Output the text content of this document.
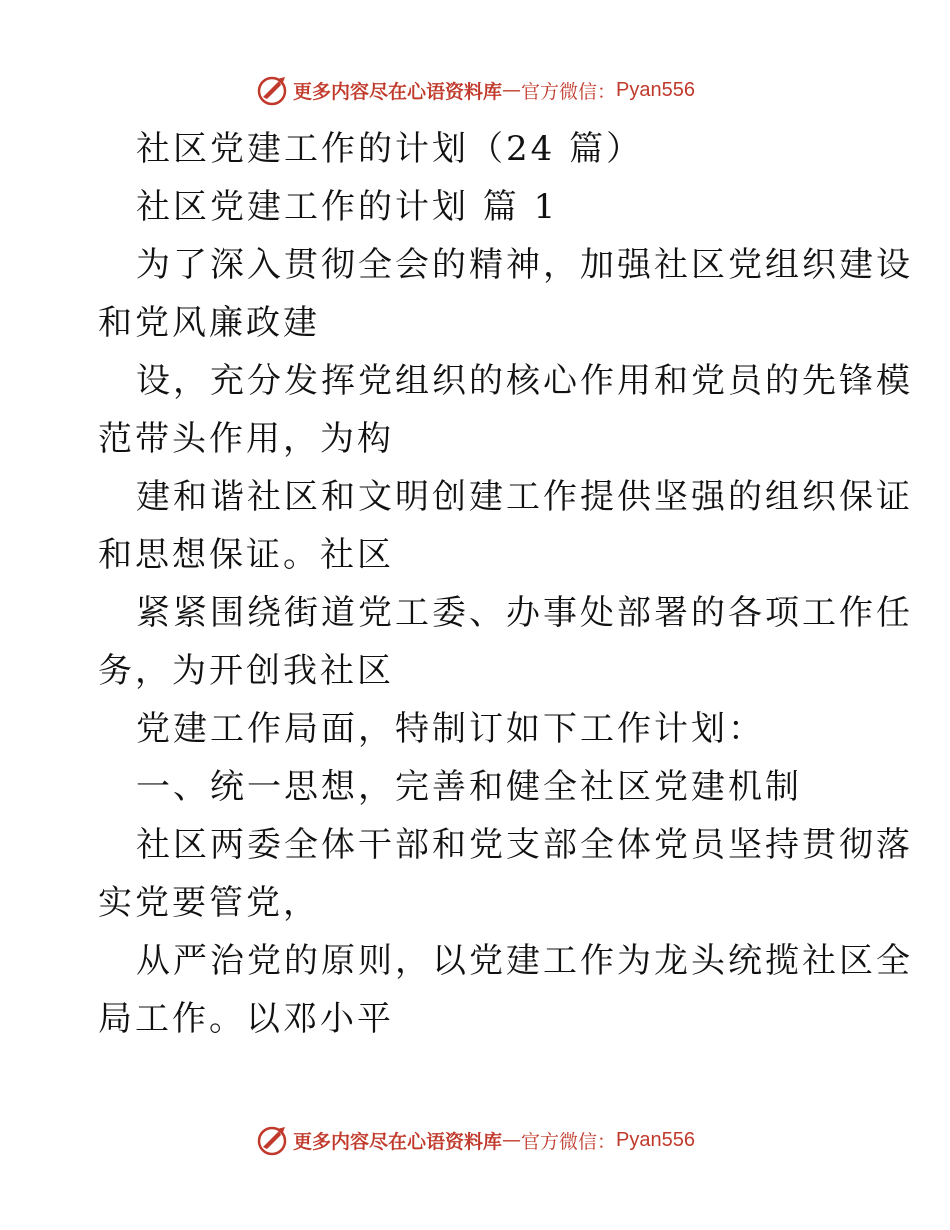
更多内容尽在心语资料库 — 官方微信： Pyan556
社区党建工作的计划（24 篇）
社区党建工作的计划 篇 1
为了深入贯彻全会的精神，加强社区党组织建设
和党风廉政建
设，充分发挥党组织的核心作用和党员的先锋模
范带头作用，为构
建和谐社区和文明创建工作提供坚强的组织保证
和思想保证。社区
紧紧围绕街道党工委、办事处部署的各项工作任
务，为开创我社区
党建工作局面，特制订如下工作计划：
一、统一思想，完善和健全社区党建机制
社区两委全体干部和党支部全体党员坚持贯彻落
实党要管党，
从严治党的原则，以党建工作为龙头统揽社区全
局工作。以邓小平
更多内容尽在心语资料库 — 官方微信： Pyan556
